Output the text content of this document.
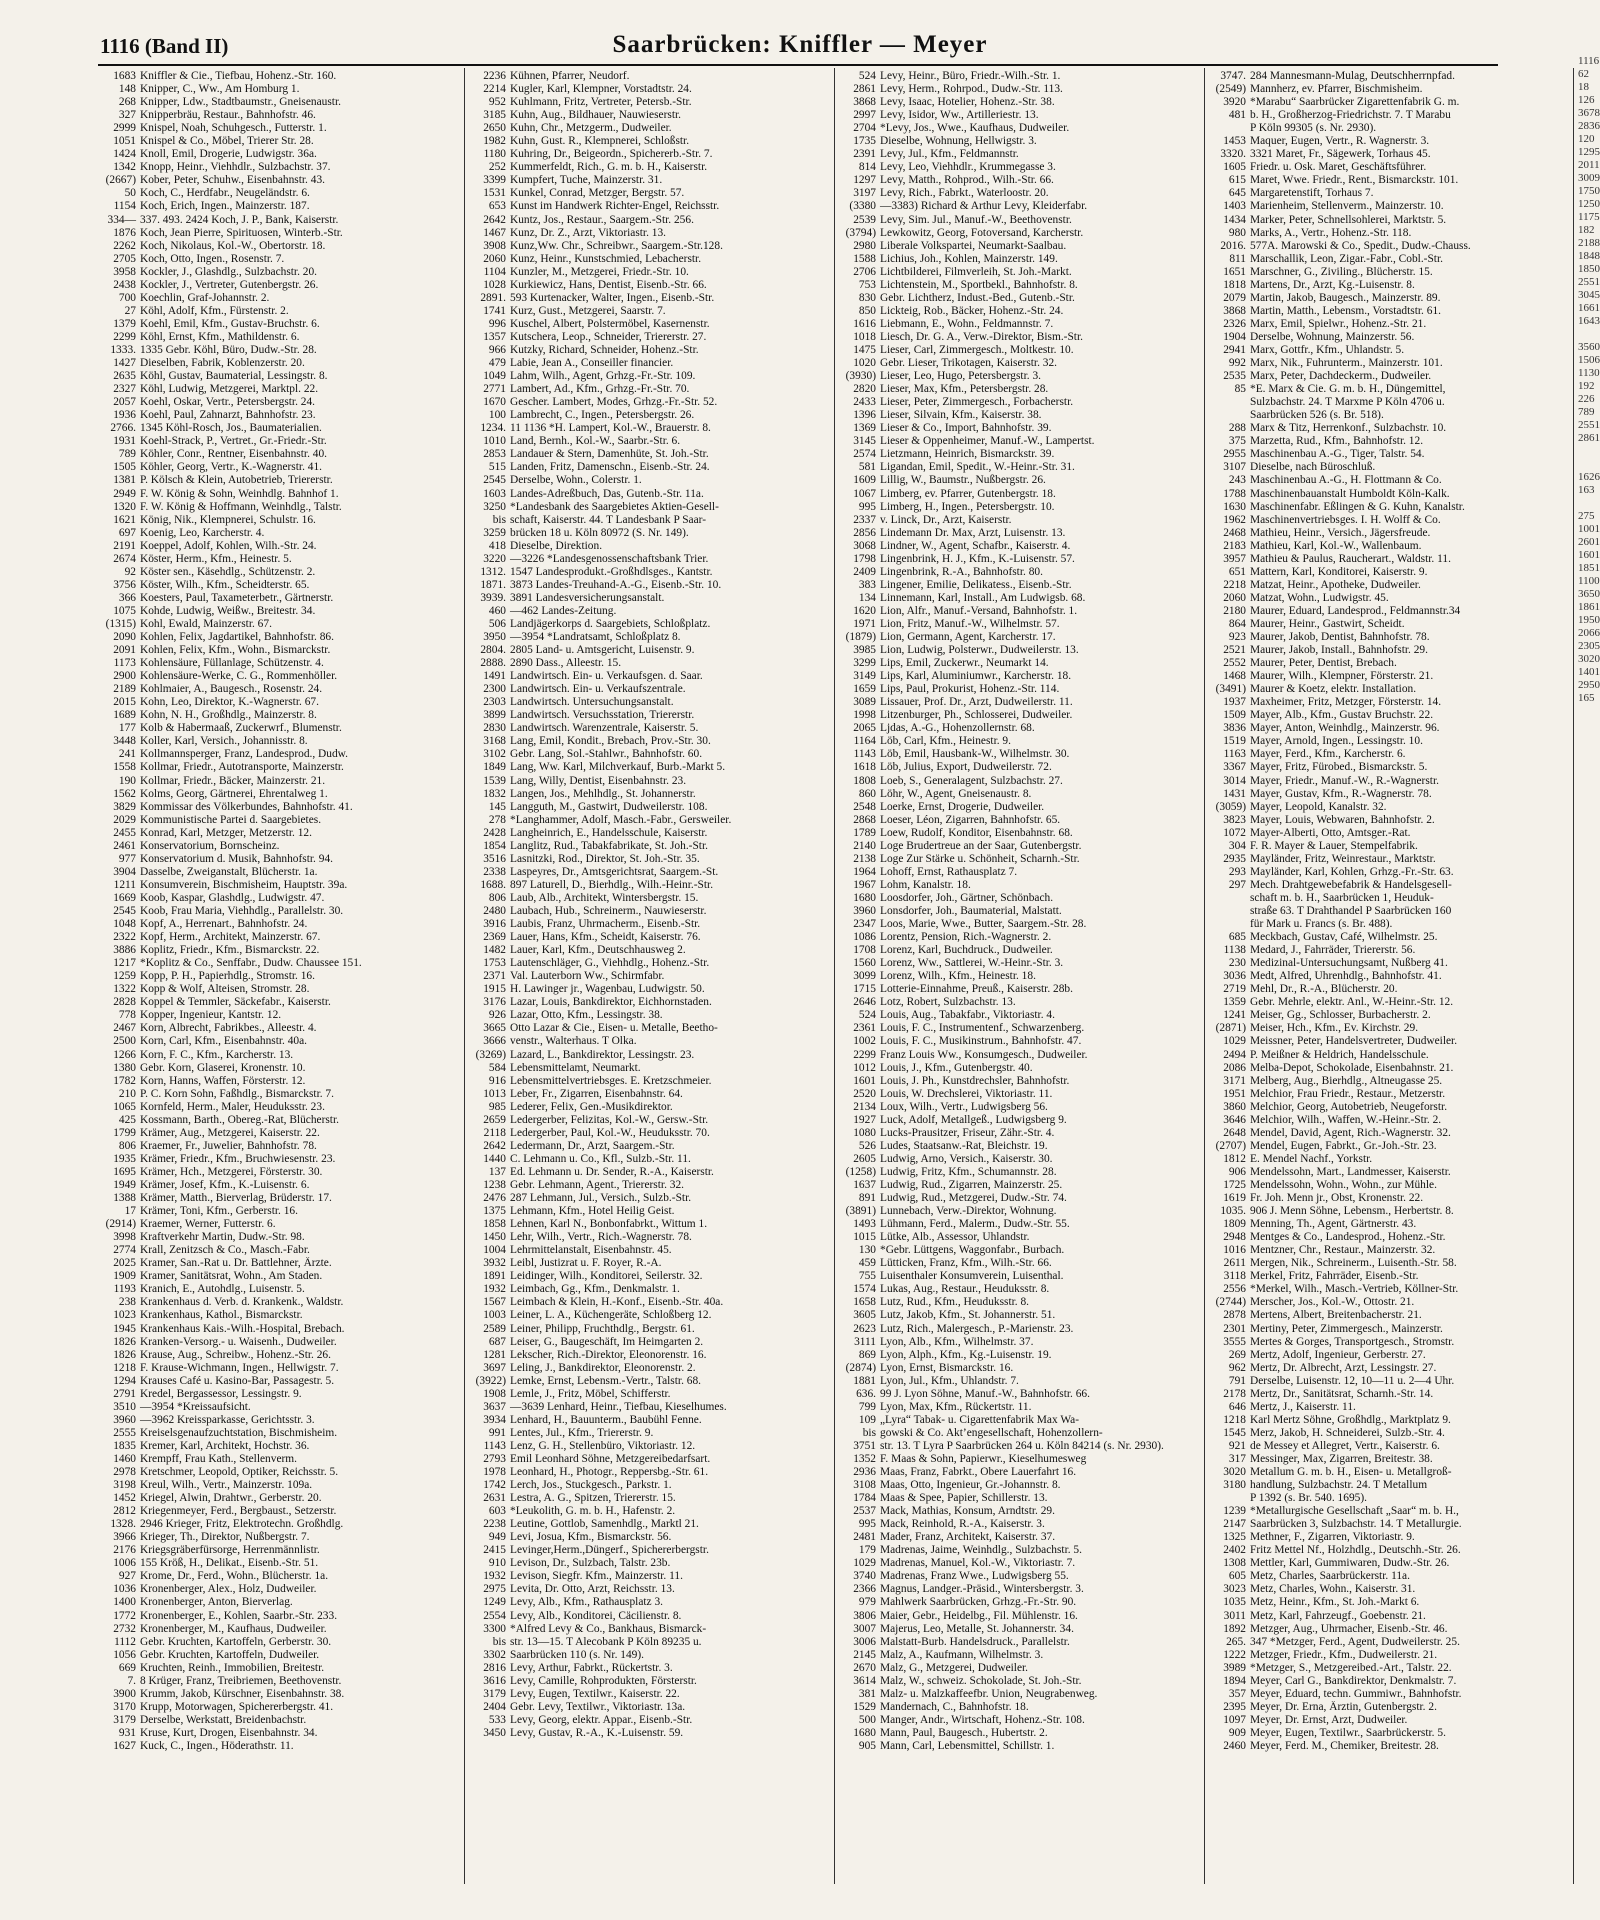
1116 (Band II)	Saarbrücken: Kniffler — Meyer
1683 Kniffler & Cie., Tiefbau, Hohenz.-Str. 160.
148 Knipper, C., Ww., Am Homburg 1.
268 Knipper, Ldw., Stadtbaumstr., Gneisenaustr.
327 Knipperbräu, Restaur., Bahnhofstr. 46.
2999 Knispel, Noah, Schuhgesch., Futterstr. 1.
1051 Knispel & Co., Möbel, Trierer Str. 28.
1424 Knoll, Emil, Drogerie, Ludwigstr. 36a.
1342 Knopp, Heinr., Viehhdlr., Sulzbachstr. 37.
(2667) Kober, Peter, Schuhw., Eisenbahnstr. 43.
50 Koch, C., Herdfabr., Neugeländstr. 6.
1154 Koch, Erich, Ingen., Mainzerstr. 187.
334— 337. 493. 2424 Koch, J. P., Bank, Kaiserstr.
1876 Koch, Jean Pierre, Spirituosen, Winterb.-Str.
2262 Koch, Nikolaus, Kol.-W., Obertorstr. 18.
2705 Koch, Otto, Ingen., Rosenstr. 7.
3958 Kockler, J., Glashdlg., Sulzbachstr. 20.
2438 Kockler, J., Vertreter, Gutenbergstr. 26.
700 Koechlin, Graf-Johannstr. 2.
27 Köhl, Adolf, Kfm., Fürstenstr. 2.
1379 Koehl, Emil, Kfm., Gustav-Bruchstr. 6.
2299 Köhl, Ernst, Kfm., Mathildenstr. 6.
1333. 1335 Gebr. Köhl, Büro, Dudw.-Str. 28.
1427 Dieselben, Fabrik, Koblenzerstr. 20.
2635 Köhl, Gustav, Baumaterial, Lessingstr. 8.
2327 Köhl, Ludwig, Metzgerei, Marktpl. 22.
2057 Koehl, Oskar, Vertr., Petersbergstr. 24.
1936 Koehl, Paul, Zahnarzt, Bahnhofstr. 23.
2766. 1345 Köhl-Rosch, Jos., Baumaterialien.
1931 Koehl-Strack, P., Vertret., Gr.-Friedr.-Str.
789 Köhler, Conr., Rentner, Eisenbahnstr. 40.
1505 Köhler, Georg, Vertr., K.-Wagnerstr. 41.
1381 P. Kölsch & Klein, Autobetrieb, Triererstr.
2949 F. W. König & Sohn, Weinhdlg. Bahnhof 1.
1320 F. W. König & Hoffmann, Weinhdlg., Talstr.
1621 König, Nik., Klempnerei, Schulstr. 16.
697 Koenig, Leo, Karcherstr. 4.
2191 Koeppel, Adolf, Kohlen, Wilh.-Str. 24.
2674 Köster, Herm., Kfm., Heinestr. 5.
92 Köster sen., Käsehdlg., Schützenstr. 2.
3756 Köster, Wilh., Kfm., Scheidterstr. 65.
366 Koesters, Paul, Taxameterbetr., Gärtnerstr.
1075 Kohde, Ludwig, Weißw., Breitestr. 34.
(1315) Kohl, Ewald, Mainzerstr. 67.
2090 Kohlen, Felix, Jagdartikel, Bahnhofstr. 86.
2091 Kohlen, Felix, Kfm., Wohn., Bismarckstr.
1173 Kohlensäure, Füllanlage, Schützenstr. 4.
2900 Kohlensäure-Werke, C. G., Rommenhöller.
2189 Kohlmaier, A., Baugesch., Rosenstr. 24.
2015 Kohn, Leo, Direktor, K.-Wagnerstr. 67.
1689 Kohn, N. H., Großhdlg., Mainzerstr. 8.
177 Kolb & Habermaaß, Zuckerwrf., Blumenstr.
3448 Koller, Karl, Versich., Johannisstr. 8.
241 Kollmannsperger, Franz, Landesprod., Dudw.
1558 Kollmar, Friedr., Autotransporte, Mainzerstr.
190 Kollmar, Friedr., Bäcker, Mainzerstr. 21.
1562 Kolms, Georg, Gärtnerei, Ehrentalweg 1.
3829 Kommissar des Völkerbundes, Bahnhofstr. 41.
2029 Kommunistische Partei d. Saargebietes.
2455 Konrad, Karl, Metzger, Metzerstr. 12.
2461 Konservatorium, Bornscheinz.
977 Konservatorium d. Musik, Bahnhofstr. 94.
3904 Dasselbe, Zweiganstalt, Blücherstr. 1a.
1211 Konsumverein, Bischmisheim, Hauptstr. 39a.
1669 Koob, Kaspar, Glashdlg., Ludwigstr. 47.
2545 Koob, Frau Maria, Viehhdlg., Parallelstr. 30.
1048 Kopf, A., Herrenart., Bahnhofstr. 24.
2322 Kopf, Herm., Architekt, Mainzerstr. 67.
3886 Koplitz, Friedr., Kfm., Bismarckstr. 22.
1217 *Koplitz & Co., Senffabr., Dudw. Chaussee 151.
1259 Kopp, P. H., Papierhdlg., Stromstr. 16.
1322 Kopp & Wolf, Alteisen, Stromstr. 28.
2828 Koppel & Temmler, Säckefabr., Kaiserstr.
778 Kopper, Ingenieur, Kantstr. 12.
2467 Korn, Albrecht, Fabrikbes., Alleestr. 4.
2500 Korn, Carl, Kfm., Eisenbahnstr. 40a.
1266 Korn, F. C., Kfm., Karcherstr. 13.
1380 Gebr. Korn, Glaserei, Kronenstr. 10.
1782 Korn, Hanns, Waffen, Försterstr. 12.
210 P. C. Korn Sohn, Faßhdlg., Bismarckstr. 7.
1065 Kornfeld, Herm., Maler, Heuduksstr. 23.
425 Kossmann, Barth., Obereg.-Rat, Blücherstr.
1799 Krämer, Aug., Metzgerei, Kaiserstr. 22.
806 Kraemer, Fr., Juwelier, Bahnhofstr. 78.
1935 Krämer, Friedr., Kfm., Bruchwiesenstr. 23.
1695 Krämer, Hch., Metzgerei, Försterstr. 30.
1949 Krämer, Josef, Kfm., K.-Luisenstr. 6.
1388 Krämer, Matth., Bierverlag, Brüderstr. 17.
17 Krämer, Toni, Kfm., Gerberstr. 16.
(2914) Kraemer, Werner, Futterstr. 6.
3998 Kraftverkehr Martin, Dudw.-Str. 98.
2774 Krall, Zenitzsch & Co., Masch.-Fabr.
2025 Kramer, San.-Rat u. Dr. Battlehner, Ärzte.
1909 Kramer, Sanitätsrat, Wohn., Am Staden.
1193 Kranich, E., Autohdlg., Luisenstr. 5.
238 Krankenhaus d. Verb. d. Krankenk., Waldstr.
1023 Krankenhaus, Kathol., Bismarckstr.
1945 Krankenhaus Kais.-Wilh.-Hospital, Brebach.
1826 Kranken-Versorg.- u. Waisenh., Dudweiler.
1826 Krause, Aug., Schreibw., Hohenz.-Str. 26.
1218 F. Krause-Wichmann, Ingen., Hellwigstr. 7.
1294 Krauses Café u. Kasino-Bar, Passagestr. 5.
2791 Kredel, Bergassessor, Lessingstr. 9.
3510 —3954 *Kreissaufsicht.
3960 —3962 Kreissparkasse, Gerichtsstr. 3.
2555 Kreiselsgenaufzuchtstation, Bischmisheim.
1835 Kremer, Karl, Architekt, Hochstr. 36.
1460 Krempff, Frau Kath., Stellenverm.
2978 Kretschmer, Leopold, Optiker, Reichsstr. 5.
3198 Kreul, Wilh., Vertr., Mainzerstr. 109a.
1452 Kriegel, Alwin, Drahtwr., Gerberstr. 20.
2812 Kriegenmeyer, Ferd., Bergbaust., Setzerstr.
1328. 2946 Krieger, Fritz, Elektrotechn. Großhdlg.
3966 Krieger, Th., Direktor, Nußbergstr. 7.
2176 Kriegsgräberfürsorge, Herrenmännlistr.
1006 155 Kröß, H., Delikat., Eisenb.-Str. 51.
927 Krome, Dr., Ferd., Wohn., Blücherstr. 1a.
1036 Kronenberger, Alex., Holz, Dudweiler.
1400 Kronenberger, Anton, Bierverlag.
1772 Kronenberger, E., Kohlen, Saarbr.-Str. 233.
2732 Kronenberger, M., Kaufhaus, Dudweiler.
1112 Gebr. Kruchten, Kartoffeln, Gerberstr. 30.
1056 Gebr. Kruchten, Kartoffeln, Dudweiler.
669 Kruchten, Reinh., Immobilien, Breitestr.
7. 8 Krüger, Franz, Treibriemen, Beethovenstr.
3900 Krumm, Jakob, Kürschner, Eisenbahnstr. 38.
3170 Krupp, Motorwagen, Spichererbergstr. 41.
3179 Derselbe, Werkstatt, Breidenbachstr.
931 Kruse, Kurt, Drogen, Eisenbahnstr. 34.
1627 Kuck, C., Ingen., Höderathstr. 11.
2236 Kühnen, Pfarrer, Neudorf.
2214 Kugler, Karl, Klempner, Vorstadtstr. 24.
952 Kuhlmann, Fritz, Vertreter, Petersb.-Str.
3185 Kuhn, Aug., Bildhauer, Nauwieserstr.
2650 Kuhn, Chr., Metzgerm., Dudweiler.
1982 Kuhn, Gust. R., Klempnerei, Schloßstr.
1180 Kuhring, Dr., Beigeordn., Spichererb.-Str. 7.
252 Kummerfeldt, Rich., G. m. b. H., Kaiserstr.
3399 Kumpfert, Tuche, Mainzerstr. 31.
1531 Kunkel, Conrad, Metzger, Bergstr. 57.
653 Kunst im Handwerk Richter-Engel, Reichsstr.
2642 Kuntz, Jos., Restaur., Saargem.-Str. 256.
1467 Kunz, Dr. Z., Arzt, Viktoriastr. 13.
3908 Kunz,Ww. Chr., Schreibwr., Saargem.-Str.128.
2060 Kunz, Heinr., Kunstschmied, Lebacherstr.
1104 Kunzler, M., Metzgerei, Friedr.-Str. 10.
1028 Kurkiewicz, Hans, Dentist, Eisenb.-Str. 66.
2891. 593 Kurtenacker, Walter, Ingen., Eisenb.-Str.
1741 Kurz, Gust., Metzgerei, Saarstr. 7.
996 Kuschel, Albert, Polstermöbel, Kasernenstr.
1357 Kutschera, Leop., Schneider, Triererstr. 27.
966 Kutzky, Richard, Schneider, Hohenz.-Str.
479 Labie, Jean A., Conseiller financier.
1049 Lahm, Wilh., Agent, Grhzg.-Fr.-Str. 109.
2771 Lambert, Ad., Kfm., Grhzg.-Fr.-Str. 70.
1670 Gescher. Lambert, Modes, Grhzg.-Fr.-Str. 52.
100 Lambrecht, C., Ingen., Petersbergstr. 26.
1234. 11 1136 *H. Lampert, Kol.-W., Brauerstr. 8.
1010 Land, Bernh., Kol.-W., Saarbr.-Str. 6.
2853 Landauer & Stern, Damenhüte, St. Joh.-Str.
515 Landen, Fritz, Damenschn., Eisenb.-Str. 24.
2545 Derselbe, Wohn., Colerstr. 1.
1603 Landes-Adreßbuch, Das, Gutenb.-Str. 11a.
3250 *Landesbank des Saargebietes Aktien-Gesell-
bis schaft, Kaiserstr. 44. T Landesbank P Saar-
3259 brücken 18 u. Köln 80972 (S. Nr. 149).
418 Dieselbe, Direktion.
3220 —3226 *Landesgenossenschaftsbank Trier.
1312. 1547 Landesprodukt.-Großhdlsges., Kantstr.
1871. 3873 Landes-Treuhand-A.-G., Eisenb.-Str. 10.
3939. 3891 Landesversicherungsanstalt.
460 —462 Landes-Zeitung.
506 Landjägerkorps d. Saargebiets, Schloßplatz.
3950 —3954 *Landratsamt, Schloßplatz 8.
2804. 2805 Land- u. Amtsgericht, Luisenstr. 9.
2888. 2890 Dass., Alleestr. 15.
1491 Landwirtsch. Ein- u. Verkaufsgen. d. Saar.
2300 Landwirtsch. Ein- u. Verkaufszentrale.
2303 Landwirtsch. Untersuchungsanstalt.
3899 Landwirtsch. Versuchsstation, Triererstr.
2830 Landwirtsch. Warenzentrale, Kaiserstr. 5.
3168 Lang, Emil, Kondit., Brebach, Prov.-Str. 30.
3102 Gebr. Lang, Sol.-Stahlwr., Bahnhofstr. 60.
1849 Lang, Ww. Karl, Milchverkauf, Burb.-Markt 5.
1539 Lang, Willy, Dentist, Eisenbahnstr. 23.
1832 Langen, Jos., Mehlhdlg., St. Johannerstr.
145 Langguth, M., Gastwirt, Dudweilerstr. 108.
278 *Langhammer, Adolf, Masch.-Fabr., Gersweiler.
2428 Langheinrich, E., Handelsschule, Kaiserstr.
1854 Langlitz, Rud., Tabakfabrikate, St. Joh.-Str.
3516 Lasnitzki, Rod., Direktor, St. Joh.-Str. 35.
2338 Laspeyres, Dr., Amtsgerichtsrat, Saargem.-St.
1688. 897 Laturell, D., Bierhdlg., Wilh.-Heinr.-Str.
806 Laub, Alb., Architekt, Wintersbergstr. 15.
2480 Laubach, Hub., Schreinerm., Nauwieserstr.
3916 Laubis, Franz, Uhrmacherm., Eisenb.-Str.
2369 Lauer, Hans, Kfm., Scheidt, Kaiserstr. 76.
1482 Lauer, Karl, Kfm., Deutschhausweg 2.
1753 Lautenschläger, G., Viehhdlg., Hohenz.-Str.
2371 Val. Lauterborn Ww., Schirmfabr.
1915 H. Lawinger jr., Wagenbau, Ludwigstr. 50.
3176 Lazar, Louis, Bankdirektor, Eichhornstaden.
926 Lazar, Otto, Kfm., Lessingstr. 38.
3665 Otto Lazar & Cie., Eisen- u. Metalle, Beetho-
3666 venstr., Walterhaus. T Olka.
(3269) Lazard, L., Bankdirektor, Lessingstr. 23.
584 Lebensmittelamt, Neumarkt.
916 Lebensmittelvertriebsges. E. Kretzschmeier.
1013 Leber, Fr., Zigarren, Eisenbahnstr. 64.
985 Lederer, Felix, Gen.-Musikdirektor.
2659 Ledergerber, Felizitas, Kol.-W., Gersw.-Str.
2118 Ledergerber, Paul, Kol.-W., Heuduksstr. 70.
2642 Ledermann, Dr., Arzt, Saargem.-Str.
1440 C. Lehmann u. Co., Kfl., Sulzb.-Str. 11.
137 Ed. Lehmann u. Dr. Sender, R.-A., Kaiserstr.
1238 Gebr. Lehmann, Agent., Triererstr. 32.
2476 287 Lehmann, Jul., Versich., Sulzb.-Str.
1375 Lehmann, Kfm., Hotel Heilig Geist.
1858 Lehnen, Karl N., Bonbonfabrkt., Wittum 1.
1450 Lehr, Wilh., Vertr., Rich.-Wagnerstr. 78.
1004 Lehrmittelanstalt, Eisenbahnstr. 45.
3932 Leibl, Justizrat u. F. Royer, R.-A.
1891 Leidinger, Wilh., Konditorei, Seilerstr. 32.
1932 Leimbach, Gg., Kfm., Denkmalstr. 1.
1567 Leimbach & Klein, H.-Konf., Eisenb.-Str. 40a.
1003 Leiner, L. A., Küchengeräte, Schloßberg 12.
2589 Leiner, Philipp, Fruchthdlg., Bergstr. 61.
687 Leiser, G., Baugeschäft, Im Heimgarten 2.
1281 Lekscher, Rich.-Direktor, Eleonorenstr. 16.
3697 Leling, J., Bankdirektor, Eleonorenstr. 2.
(3922) Lemke, Ernst, Lebensm.-Vertr., Talstr. 68.
1908 Lemle, J., Fritz, Möbel, Schifferstr.
3637 —3639 Lenhard, Heinr., Tiefbau, Kieselhumes.
3934 Lenhard, H., Bauunterm., Baubühl Fenne.
991 Lentes, Jul., Kfm., Triererstr. 9.
1143 Lenz, G. H., Stellenbüro, Viktoriastr. 12.
2793 Emil Leonhard Söhne, Metzgereibedarfsart.
1978 Leonhard, H., Photogr., Reppersbg.-Str. 61.
1742 Lerch, Jos., Stuckgesch., Parkstr. 1.
2631 Lestra, A. G., Spitzen, Triererstr. 15.
603 *Leukolith, G. m. b. H., Hafenstr. 2.
2238 Leutine, Gottlob, Samenhdlg., Marktl 21.
949 Levi, Josua, Kfm., Bismarckstr. 56.
2415 Levinger,Herm.,Düngerf., Spichererbergstr.
910 Levison, Dr., Sulzbach, Talstr. 23b.
1932 Levison, Siegfr. Kfm., Mainzerstr. 11.
2975 Levita, Dr. Otto, Arzt, Reichsstr. 13.
1249 Levy, Alb., Kfm., Rathausplatz 3.
2554 Levy, Alb., Konditorei, Cäcilienstr. 8.
3300 *Alfred Levy & Co., Bankhaus, Bismarck-
bis str. 13—15. T Alecobank P Köln 89235 u.
3302 Saarbrücken 110 (s. Nr. 149).
2816 Levy, Arthur, Fabrkt., Rückertstr. 3.
3616 Levy, Camille, Rohprodukten, Försterstr.
3179 Levy, Eugen, Textilwr., Kaiserstr. 22.
2404 Gebr. Levy, Textilwr., Viktoriastr. 13a.
533 Levy, Georg, elektr. Appar., Eisenb.-Str.
3450 Levy, Gustav, R.-A., K.-Luisenstr. 59.
524 Levy, Heinr., Büro, Friedr.-Wilh.-Str. 1.
2861 Levy, Herm., Rohrpod., Dudw.-Str. 113.
3868 Levy, Isaac, Hotelier, Hohenz.-Str. 38.
2997 Levy, Isidor, Ww., Artilleriestr. 13.
2704 *Levy, Jos., Wwe., Kaufhaus, Dudweiler.
1735 Dieselbe, Wohnung, Hellwigstr. 3.
2391 Levy, Jul., Kfm., Feldmannstr.
814 Levy, Leo, Viehhdlr., Krummegasse 3.
1297 Levy, Matth., Rohprod., Wilh.-Str. 66.
3197 Levy, Rich., Fabrkt., Waterloostr. 20.
(3380 —3383) Richard & Arthur Levy, Kleiderfabr.
2539 Levy, Sim. Jul., Manuf.-W., Beethovenstr.
(3794) Lewkowitz, Georg, Fotoversand, Karcherstr.
2980 Liberale Volkspartei, Neumarkt-Saalbau.
1588 Lichius, Joh., Kohlen, Mainzerstr. 149.
2706 Lichtbilderei, Filmverleih, St. Joh.-Markt.
753 Lichtenstein, M., Sportbekl., Bahnhofstr. 8.
830 Gebr. Lichtherz, Indust.-Bed., Gutenb.-Str.
850 Lickteig, Rob., Bäcker, Hohenz.-Str. 24.
1616 Liebmann, E., Wohn., Feldmannstr. 7.
1018 Liesch, Dr. G. A., Verw.-Direktor, Bism.-Str.
1475 Lieser, Carl, Zimmergesch., Moltkestr. 10.
1020 Gebr. Lieser, Trikotagen, Kaiserstr. 32.
(3930) Lieser, Leo, Hugo, Petersbergstr. 3.
2820 Lieser, Max, Kfm., Petersbergstr. 28.
2433 Lieser, Peter, Zimmergesch., Forbacherstr.
1396 Lieser, Silvain, Kfm., Kaiserstr. 38.
1369 Lieser & Co., Import, Bahnhofstr. 39.
3145 Lieser & Oppenheimer, Manuf.-W., Lampertst.
2574 Lietzmann, Heinrich, Bismarckstr. 39.
581 Ligandan, Emil, Spedit., W.-Heinr.-Str. 31.
1609 Lillig, W., Baumstr., Nußbergstr. 26.
1067 Limberg, ev. Pfarrer, Gutenbergstr. 18.
995 Limberg, H., Ingen., Petersbergstr. 10.
2337 v. Linck, Dr., Arzt, Kaiserstr.
2856 Lindemann Dr. Max, Arzt, Luisenstr. 13.
3068 Lindner, W., Agent, Schafbr., Kaiserstr. 4.
1798 Lingenbrink, H. J., Kfm., K.-Luisenstr. 57.
2409 Lingenbrink, R.-A., Bahnhofstr. 80.
383 Lingener, Emilie, Delikatess., Eisenb.-Str.
134 Linnemann, Karl, Install., Am Ludwigsb. 68.
1620 Lion, Alfr., Manuf.-Versand, Bahnhofstr. 1.
1971 Lion, Fritz, Manuf.-W., Wilhelmstr. 57.
(1879) Lion, Germann, Agent, Karcherstr. 17.
3985 Lion, Ludwig, Polsterwr., Dudweilerstr. 13.
3299 Lips, Emil, Zuckerwr., Neumarkt 14.
3149 Lips, Karl, Aluminiumwr., Karcherstr. 18.
1659 Lips, Paul, Prokurist, Hohenz.-Str. 114.
3089 Lissauer, Prof. Dr., Arzt, Dudweilerstr. 11.
1998 Litzenburger, Ph., Schlosserei, Dudweiler.
2065 Ljdas, A.-G., Hohenzollernstr. 68.
1164 Löb, Carl, Kfm., Heinestr. 9.
1143 Löb, Emil, Hausbank-W., Wilhelmstr. 30.
1618 Löb, Julius, Export, Dudweilerstr. 72.
1808 Loeb, S., Generalagent, Sulzbachstr. 27.
860 Löhr, W., Agent, Gneisenaustr. 8.
2548 Loerke, Ernst, Drogerie, Dudweiler.
2868 Loeser, Léon, Zigarren, Bahnhofstr. 65.
1789 Loew, Rudolf, Konditor, Eisenbahnstr. 68.
2140 Loge Brudertreue an der Saar, Gutenbergstr.
2138 Loge Zur Stärke u. Schönheit, Scharnh.-Str.
1964 Lohoff, Ernst, Rathausplatz 7.
1967 Lohm, Kanalstr. 18.
1680 Loosdorfer, Joh., Gärtner, Schönbach.
3960 Lonsdorfer, Joh., Baumaterial, Malstatt.
2347 Loos, Marie, Wwe., Butter, Saargem.-Str. 28.
1086 Lorentz, Pension, Rich.-Wagnerstr. 2.
1708 Lorenz, Karl, Buchdruck., Dudweiler.
1560 Lorenz, Ww., Sattlerei, W.-Heinr.-Str. 3.
3099 Lorenz, Wilh., Kfm., Heinestr. 18.
1715 Lotterie-Einnahme, Preuß., Kaiserstr. 28b.
2646 Lotz, Robert, Sulzbachstr. 13.
524 Louis, Aug., Tabakfabr., Viktoriastr. 4.
2361 Louis, F. C., Instrumentenf., Schwarzenberg.
1002 Louis, F. C., Musikinstrum., Bahnhofstr. 47.
2299 Franz Louis Ww., Konsumgesch., Dudweiler.
1012 Louis, J., Kfm., Gutenbergstr. 40.
1601 Louis, J. Ph., Kunstdrechsler, Bahnhofstr.
2520 Louis, W. Drechslerei, Viktoriastr. 11.
2134 Loux, Wilh., Vertr., Ludwigsberg 56.
1927 Luck, Adolf, Metallgeß., Ludwigsberg 9.
1080 Lucks-Prausitzer, Friseur, Zähr.-Str. 4.
526 Ludes, Staatsanw.-Rat, Bleichstr. 19.
2605 Ludwig, Arno, Versich., Kaiserstr. 30.
(1258) Ludwig, Fritz, Kfm., Schumannstr. 28.
1637 Ludwig, Rud., Zigarren, Mainzerstr. 25.
891 Ludwig, Rud., Metzgerei, Dudw.-Str. 74.
(3891) Lunnebach, Verw.-Direktor, Wohnung.
1493 Lühmann, Ferd., Malerm., Dudw.-Str. 55.
1015 Lütke, Alb., Assessor, Uhlandstr.
130 *Gebr. Lüttgens, Waggonfabr., Burbach.
459 Lütticken, Franz, Kfm., Wilh.-Str. 66.
755 Luisenthaler Konsumverein, Luisenthal.
1574 Lukas, Aug., Restaur., Heuduksstr. 8.
1658 Lutz, Rud., Kfm., Heuduksstr. 8.
3605 Lutz, Jakob, Kfm., St. Johannerstr. 51.
2623 Lutz, Rich., Malergesch., P.-Marienstr. 23.
3111 Lyon, Alb., Kfm., Wilhelmstr. 37.
869 Lyon, Alph., Kfm., Kg.-Luisenstr. 19.
(2874) Lyon, Ernst, Bismarckstr. 16.
1881 Lyon, Jul., Kfm., Uhlandstr. 7.
636. 99 J. Lyon Söhne, Manuf.-W., Bahnhofstr. 66.
799 Lyon, Max, Kfm., Rückertstr. 11.
109 „Lyra“ Tabak- u. Cigarettenfabrik Max Wa-
bis gowski & Co. Akt’engesellschaft, Hohenzollern-
3751 str. 13. T Lyra P Saarbrücken 264 u. Köln 84214 (s. Nr. 2930).
1352 F. Maas & Sohn, Papierwr., Kieselhumesweg
2936 Maas, Franz, Fabrkt., Obere Lauerfahrt 16.
3108 Maas, Otto, Ingenieur, Gr.-Johannstr. 8.
1784 Maas & Spee, Papier, Schillerstr. 13.
2537 Mack, Mathias, Konsum, Arndtstr. 29.
995 Mack, Reinhold, R.-A., Kaiserstr. 3.
2481 Mader, Franz, Architekt, Kaiserstr. 37.
179 Madrenas, Jaime, Weinhdlg., Sulzbachstr. 5.
1029 Madrenas, Manuel, Kol.-W., Viktoriastr. 7.
3740 Madrenas, Franz Wwe., Ludwigsberg 55.
2366 Magnus, Landger.-Präsid., Wintersbergstr. 3.
979 Mahlwerk Saarbrücken, Grhzg.-Fr.-Str. 90.
3806 Maier, Gebr., Heidelbg., Fil. Mühlenstr. 16.
3007 Majerus, Leo, Metalle, St. Johannerstr. 34.
3006 Malstatt-Burb. Handelsdruck., Parallelstr.
2145 Malz, A., Kaufmann, Wilhelmstr. 3.
2670 Malz, G., Metzgerei, Dudweiler.
3614 Malz, W., schweiz. Schokolade, St. Joh.-Str.
381 Malz- u. Malzkaffeefbr. Union, Neugrabenweg.
1529 Mandernach, C., Bahnhofstr. 18.
500 Manger, Andr., Wirtschaft, Hohenz.-Str. 108.
1680 Mann, Paul, Baugesch., Hubertstr. 2.
905 Mann, Carl, Lebensmittel, Schillstr. 1.
3747. 284 Mannesmann-Mulag, Deutschherrnpfad.
(2549) Mannherz, ev. Pfarrer, Bischmisheim.
3920 *Marabu“ Saarbrücker Zigarettenfabrik G. m.
481 b. H., Großherzog-Friedrichstr. 7. T Marabu
P Köln 99305 (s. Nr. 2930).
1453 Maquer, Eugen, Vertr., R. Wagnerstr. 3.
3320. 3321 Maret, Fr., Sägewerk, Torhaus 45.
1605 Friedr. u. Osk. Maret, Geschäftsführer.
615 Maret, Wwe. Friedr., Rent., Bismarckstr. 101.
645 Margaretenstift, Torhaus 7.
1403 Marienheim, Stellenverm., Mainzerstr. 10.
1434 Marker, Peter, Schnellsohlerei, Marktstr. 5.
980 Marks, A., Vertr., Hohenz.-Str. 118.
2016. 577A. Marowski & Co., Spedit., Dudw.-Chauss.
811 Marschallik, Leon, Zigar.-Fabr., Cobl.-Str.
1651 Marschner, G., Ziviling., Blücherstr. 15.
1818 Martens, Dr., Arzt, Kg.-Luisenstr. 8.
2079 Martin, Jakob, Baugesch., Mainzerstr. 89.
3868 Martin, Matth., Lebensm., Vorstadtstr. 61.
2326 Marx, Emil, Spielwr., Hohenz.-Str. 21.
1904 Derselbe, Wohnung, Mainzerstr. 56.
2941 Marx, Gottfr., Kfm., Uhlandstr. 5.
992 Marx, Nik., Fuhrunterm., Mainzerstr. 101.
2535 Marx, Peter, Dachdeckerm., Dudweiler.
85 *E. Marx & Cie. G. m. b. H., Düngemittel,
Sulzbachstr. 24. T Marxme P Köln 4706 u.
Saarbrücken 526 (s. Br. 518).
288 Marx & Titz, Herrenkonf., Sulzbachstr. 10.
375 Marzetta, Rud., Kfm., Bahnhofstr. 12.
2955 Maschinenbau A.-G., Tiger, Talstr. 54.
3107 Dieselbe, nach Büroschluß.
243 Maschinenbau A.-G., H. Flottmann & Co.
1788 Maschinenbauanstalt Humboldt Köln-Kalk.
1630 Maschinenfabr. Eßlingen & G. Kuhn, Kanalstr.
1962 Maschinenvertriebsges. I. H. Wolff & Co.
2468 Mathieu, Heinr., Versich., Jägersfreude.
2183 Mathieu, Karl, Kol.-W., Wallenbaum.
3957 Mathieu & Paulus, Raucherart., Waldstr. 11.
651 Mattern, Karl, Konditorei, Kaiserstr. 9.
2218 Matzat, Heinr., Apotheke, Dudweiler.
2060 Matzat, Wohn., Ludwigstr. 45.
2180 Maurer, Eduard, Landesprod., Feldmannstr.34
864 Maurer, Heinr., Gastwirt, Scheidt.
923 Maurer, Jakob, Dentist, Bahnhofstr. 78.
2521 Maurer, Jakob, Install., Bahnhofstr. 29.
2552 Maurer, Peter, Dentist, Brebach.
1468 Maurer, Wilh., Klempner, Försterstr. 21.
(3491) Maurer & Koetz, elektr. Installation.
1937 Maxheimer, Fritz, Metzger, Försterstr. 14.
1509 Mayer, Alb., Kfm., Gustav Bruchstr. 22.
3836 Mayer, Anton, Weinhdlg., Mainzerstr. 96.
1519 Mayer, Arnold, Ingen., Lessingstr. 10.
1163 Mayer, Ferd., Kfm., Karcherstr. 6.
3367 Mayer, Fritz, Fürobed., Bismarckstr. 5.
3014 Mayer, Friedr., Manuf.-W., R.-Wagnerstr.
1431 Mayer, Gustav, Kfm., R.-Wagnerstr. 78.
(3059) Mayer, Leopold, Kanalstr. 32.
3823 Mayer, Louis, Webwaren, Bahnhofstr. 2.
1072 Mayer-Alberti, Otto, Amtsger.-Rat.
304 F. R. Mayer & Lauer, Stempelfabrik.
2935 Mayländer, Fritz, Weinrestaur., Marktstr.
293 Mayländer, Karl, Kohlen, Grhzg.-Fr.-Str. 63.
297 Mech. Drahtgewebefabrik & Handelsgesell-
schaft m. b. H., Saarbrücken 1, Heuduk-
straße 63. T Drahthandel P Saarbrücken 160
für Mark u. Francs (s. Br. 488).
685 Meckbach, Gustav, Café, Wilhelmstr. 25.
1138 Medard, J., Fahrräder, Triererstr. 56.
230 Medizinal-Untersuchungsamt, Nußberg 41.
3036 Medt, Alfred, Uhrenhdlg., Bahnhofstr. 41.
2719 Mehl, Dr., R.-A., Blücherstr. 20.
1359 Gebr. Mehrle, elektr. Anl., W.-Heinr.-Str. 12.
1241 Meiser, Gg., Schlosser, Burbacherstr. 2.
(2871) Meiser, Hch., Kfm., Ev. Kirchstr. 29.
1029 Meissner, Peter, Handelsvertreter, Dudweiler.
2494 P. Meißner & Heldrich, Handelsschule.
2086 Melba-Depot, Schokolade, Eisenbahnstr. 21.
3171 Melberg, Aug., Bierhdlg., Altneugasse 25.
1951 Melchior, Frau Friedr., Restaur., Metzerstr.
3860 Melchior, Georg, Autobetrieb, Neugeforstr.
3646 Melchior, Wilh., Waffen, W.-Heinr.-Str. 2.
2648 Mendel, David, Agent, Rich.-Wagnerstr. 32.
(2707) Mendel, Eugen, Fabrkt., Gr.-Joh.-Str. 23.
1812 E. Mendel Nachf., Yorkstr.
906 Mendelssohn, Mart., Landmesser, Kaiserstr.
1725 Mendelssohn, Wohn., Wohn., zur Mühle.
1619 Fr. Joh. Menn jr., Obst, Kronenstr. 22.
1035. 906 J. Menn Söhne, Lebensm., Herbertstr. 8.
1809 Menning, Th., Agent, Gärtnerstr. 43.
2948 Mentges & Co., Landesprod., Hohenz.-Str.
1016 Mentzner, Chr., Restaur., Mainzerstr. 32.
2611 Mergen, Nik., Schreinerm., Luisenth.-Str. 58.
3118 Merkel, Fritz, Fahrräder, Eisenb.-Str.
2556 *Merkel, Wilh., Masch.-Vertrieb, Köllner-Str.
(2744) Merscher, Jos., Kol.-W., Ottostr. 21.
2878 Mertens, Albert, Breitenbacherstr. 21.
2301 Mertiny, Peter, Zimmergesch., Mainzerstr.
3555 Mertes & Gorges, Transportgesch., Stromstr.
269 Mertz, Adolf, Ingenieur, Gerberstr. 27.
962 Mertz, Dr. Albrecht, Arzt, Lessingstr. 27.
791 Derselbe, Luisenstr. 12, 10—11 u. 2—4 Uhr.
2178 Mertz, Dr., Sanitätsrat, Scharnh.-Str. 14.
646 Mertz, J., Kaiserstr. 11.
1218 Karl Mertz Söhne, Großhdlg., Marktplatz 9.
1545 Merz, Jakob, H. Schneiderei, Sulzb.-Str. 4.
921 de Messey et Allegret, Vertr., Kaiserstr. 6.
317 Messinger, Max, Zigarren, Breitestr. 38.
3020 Metallum G. m. b. H., Eisen- u. Metallgroß-
3180 handlung, Sulzbachstr. 24. T Metallum
P 1392 (s. Br. 540. 1695).
1239 *Metallurgische Gesellschaft „Saar“ m. b. H.,
2147 Saarbrücken 3, Sulzbachstr. 14. T Metallurgie.
1325 Methner, F., Zigarren, Viktoriastr. 9.
2402 Fritz Mettel Nf., Holzhdlg., Deutschh.-Str. 26.
1308 Mettler, Karl, Gummiwaren, Dudw.-Str. 26.
605 Metz, Charles, Saarbrückerstr. 11a.
3023 Metz, Charles, Wohn., Kaiserstr. 31.
1035 Metz, Heinr., Kfm., St. Joh.-Markt 6.
3011 Metz, Karl, Fahrzeugf., Goebenstr. 21.
1892 Metzger, Aug., Uhrmacher, Eisenb.-Str. 46.
265. 347 *Metzger, Ferd., Agent, Dudweilerstr. 25.
1222 Metzger, Friedr., Kfm., Dudweilerstr. 21.
3989 *Metzger, S., Metzgereibed.-Art., Talstr. 22.
1894 Meyer, Carl G., Bankdirektor, Denkmalstr. 7.
357 Meyer, Eduard, techn. Gummiwr., Bahnhofstr.
2395 Meyer, Dr. Erna, Ärztin, Gutenbergstr. 2.
1097 Meyer, Dr. Ernst, Arzt, Dudweiler.
909 Meyer, Eugen, Textilwr., Saarbrückerstr. 5.
2460 Meyer, Ferd. M., Chemiker, Breitestr. 28.
1116
62
18
126
3678
2836
120
1295
2011
3009
1750
1250
1175
182
2188
1848
1850
2551
3045
1661
1643

3560
1506
1130
192
226
789
2551
2861

1626
163

275
1001
2601
1601
1851
1100
3650
1861
1950
2066
2305
3020
1401
2950
165
